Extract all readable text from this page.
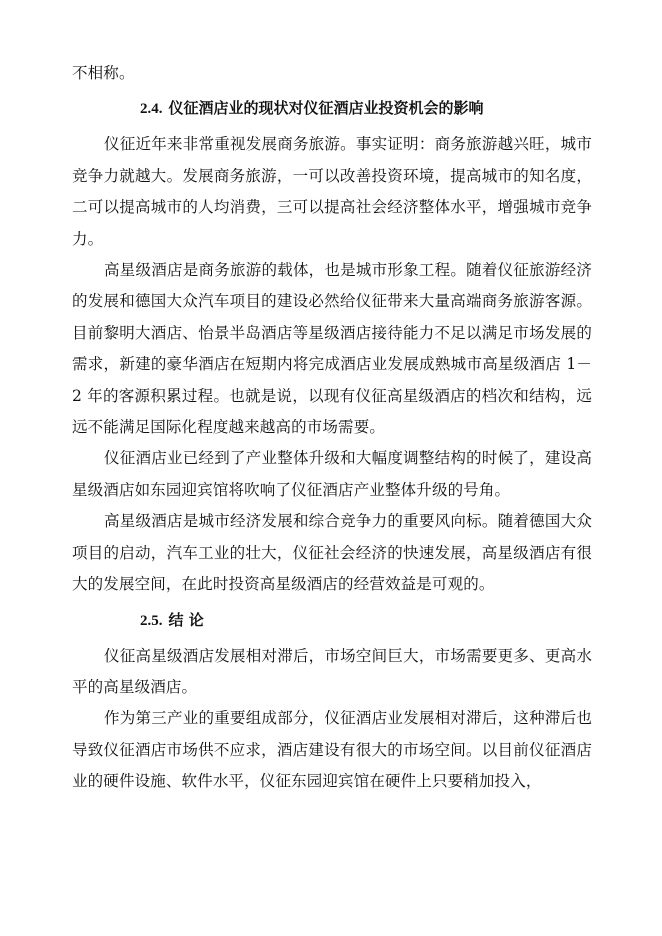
不相称。

2.4. 仪征酒店业的现状对仪征酒店业投资机会的影响

仪征近年来非常重视发展商务旅游。事实证明：商务旅游越兴旺，城市竞争力就越大。发展商务旅游，一可以改善投资环境，提高城市的知名度，二可以提高城市的人均消费，三可以提高社会经济整体水平，增强城市竞争力。

高星级酒店是商务旅游的载体，也是城市形象工程。随着仪征旅游经济的发展和德国大众汽车项目的建设必然给仪征带来大量高端商务旅游客源。目前黎明大酒店、怡景半岛酒店等星级酒店接待能力不足以满足市场发展的需求，新建的豪华酒店在短期内将完成酒店业发展成熟城市高星级酒店 1－2 年的客源积累过程。也就是说，以现有仪征高星级酒店的档次和结构，远远不能满足国际化程度越来越高的市场需要。

仪征酒店业已经到了产业整体升级和大幅度调整结构的时候了，建设高星级酒店如东园迎宾馆将吹响了仪征酒店产业整体升级的号角。

高星级酒店是城市经济发展和综合竞争力的重要风向标。随着德国大众项目的启动，汽车工业的壮大，仪征社会经济的快速发展，高星级酒店有很大的发展空间，在此时投资高星级酒店的经营效益是可观的。

2.5. 结 论

仪征高星级酒店发展相对滞后，市场空间巨大，市场需要更多、更高水平的高星级酒店。

作为第三产业的重要组成部分，仪征酒店业发展相对滞后，这种滞后也导致仪征酒店市场供不应求，酒店建设有很大的市场空间。以目前仪征酒店业的硬件设施、软件水平，仪征东园迎宾馆在硬件上只要稍加投入，
